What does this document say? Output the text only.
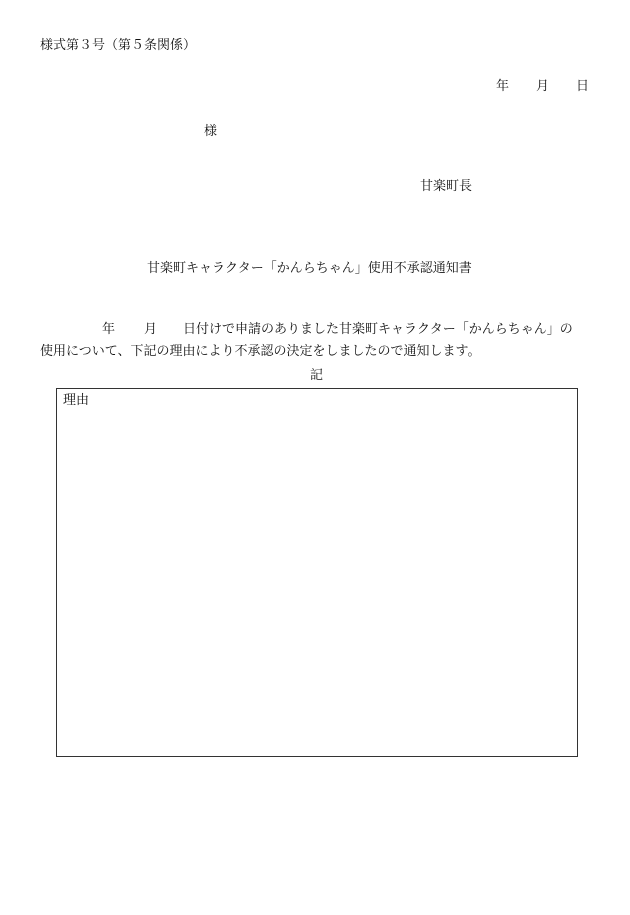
様式第３号（第５条関係）
年 月 日
様
甘楽町長
甘楽町キャラクター「かんらちゃん」使用不承認通知書
年 月 日付けで申請のありました甘楽町キャラクター「かんらちゃん」の
使用について、下記の理由により不承認の決定をしましたので通知します。
記
理由
